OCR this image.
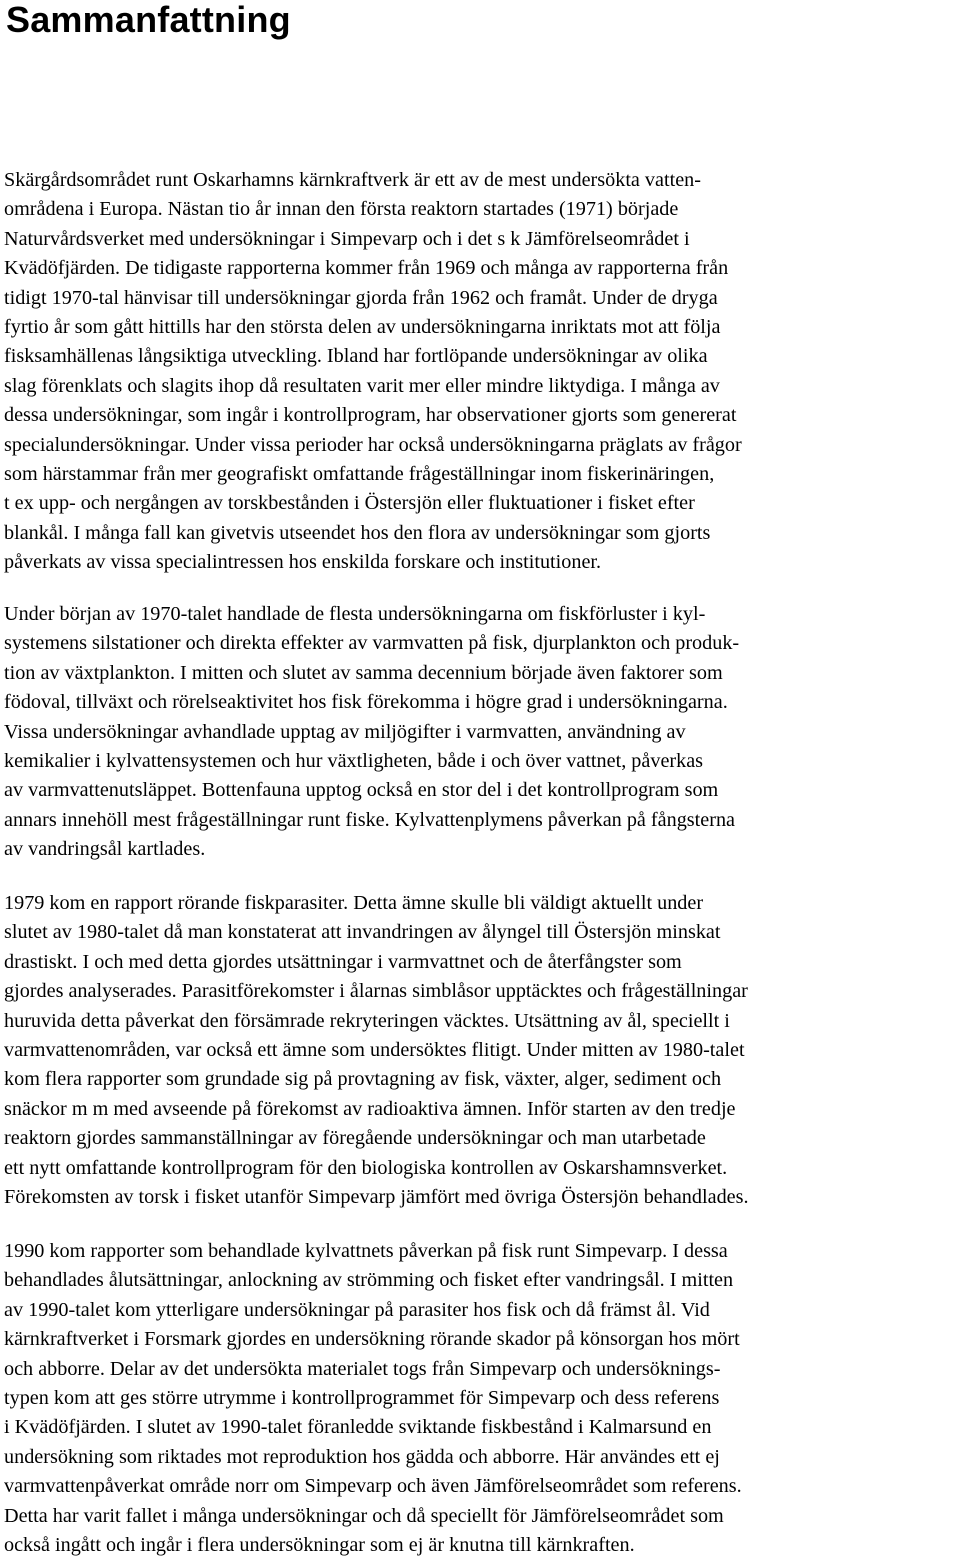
Sammanfattning
Skärgårdsområdet runt Oskarhamns kärnkraftverk är ett av de mest undersökta vatten-
områdena i Europa. Nästan tio år innan den första reaktorn startades (1971) började
Naturvårdsverket med undersökningar i Simpevarp och i det s k Jämförelseområdet i
Kvädöfjärden. De tidigaste rapporterna kommer från 1969 och många av rapporterna från
tidigt 1970-tal hänvisar till undersökningar gjorda från 1962 och framåt. Under de dryga
fyrtio år som gått hittills har den största delen av undersökningarna inriktats mot att följa
fisksamhällenas långsiktiga utveckling. Ibland har fortlöpande undersökningar av olika
slag förenklats och slagits ihop då resultaten varit mer eller mindre liktydiga. I många av
dessa undersökningar, som ingår i kontrollprogram, har observationer gjorts som genererat
specialundersökningar. Under vissa perioder har också undersökningarna präglats av frågor
som härstammar från mer geografiskt omfattande frågeställningar inom fiskerinäringen,
t ex upp- och nergången av torskbestånden i Östersjön eller fluktuationer i fisket efter
blankål. I många fall kan givetvis utseendet hos den flora av undersökningar som gjorts
påverkats av vissa specialintressen hos enskilda forskare och institutioner.
Under början av 1970-talet handlade de flesta undersökningarna om fiskförluster i kyl-
systemens silstationer och direkta effekter av varmvatten på fisk, djurplankton och produk-
tion av växtplankton. I mitten och slutet av samma decennium började även faktorer som
födoval, tillväxt och rörelseaktivitet hos fisk förekomma i högre grad i undersökningarna.
Vissa undersökningar avhandlade upptag av miljögifter i varmvatten, användning av
kemikalier i kylvattensystemen och hur växtligheten, både i och över vattnet, påverkas
av varmvattenutsläppet. Bottenfauna upptog också en stor del i det kontrollprogram som
annars innehöll mest frågeställningar runt fiske. Kylvattenplymens påverkan på fångsterna
av vandringsål kartlades.
1979 kom en rapport rörande fiskparasiter. Detta ämne skulle bli väldigt aktuellt under
slutet av 1980-talet då man konstaterat att invandringen av ålyngel till Östersjön minskat
drastiskt. I och med detta gjordes utsättningar i varmvattnet och de återfångster som
gjordes analyserades. Parasitförekomster i ålarnas simblåsor upptäcktes och frågeställningar
huruvida detta påverkat den försämrade rekryteringen väcktes. Utsättning av ål, speciellt i
varmvattenområden, var också ett ämne som undersöktes flitigt. Under mitten av 1980-talet
kom flera rapporter som grundade sig på provtagning av fisk, växter, alger, sediment och
snäckor m m med avseende på förekomst av radioaktiva ämnen. Inför starten av den tredje
reaktorn gjordes sammanställningar av föregående undersökningar och man utarbetade
ett nytt omfattande kontrollprogram för den biologiska kontrollen av Oskarshamnsverket.
Förekomsten av torsk i fisket utanför Simpevarp jämfört med övriga Östersjön behandlades.
1990 kom rapporter som behandlade kylvattnets påverkan på fisk runt Simpevarp. I dessa
behandlades ålutsättningar, anlockning av strömming och fisket efter vandringsål. I mitten
av 1990-talet kom ytterligare undersökningar på parasiter hos fisk och då främst ål. Vid
kärnkraftverket i Forsmark gjordes en undersökning rörande skador på könsorgan hos mört
och abborre. Delar av det undersökta materialet togs från Simpevarp och undersöknings-
typen kom att ges större utrymme i kontrollprogrammet för Simpevarp och dess referens
i Kvädöfjärden. I slutet av 1990-talet föranledde sviktande fiskbestånd i Kalmarsund en
undersökning som riktades mot reproduktion hos gädda och abborre. Här användes ett ej
varmvattenpåverkat område norr om Simpevarp och även Jämförelseområdet som referens.
Detta har varit fallet i många undersökningar och då speciellt för Jämförelseområdet som
också ingått och ingår i flera undersökningar som ej är knutna till kärnkraften.
